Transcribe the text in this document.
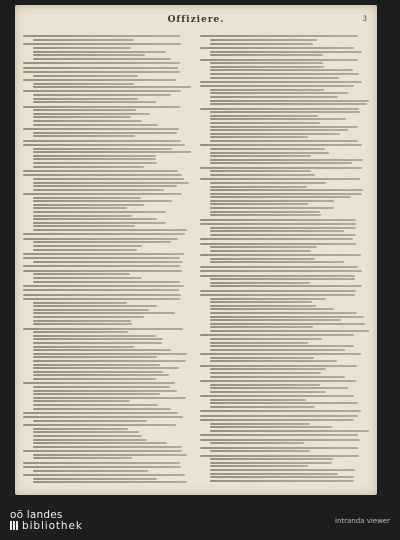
Offiziere.	3
oö landes
bibliothek	intranda viewer
